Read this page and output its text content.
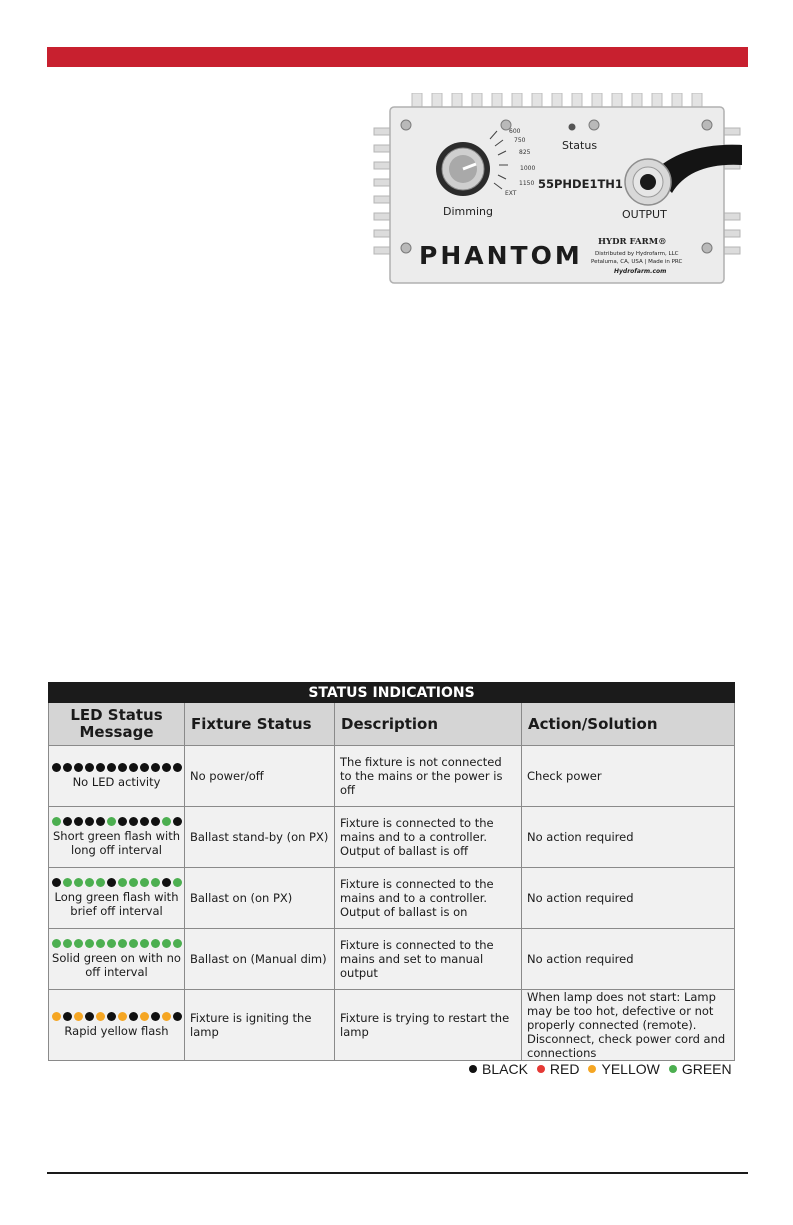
600
750
825
1000
1150
EXT
Status
55PHDE1TH1
Dimming	OUTPUT
PHANTOM HYDR FARM®
Distributed by Hydrofarm, LLC
Petaluma, CA, USA | Made in PRC
Hydrofarm.com
STATUS INDICATIONS			
LED Status Message	Fixture Status	Description	Action/Solution

No LED activity	No power/off	The fixture is not connected to the mains or the power is off	Check power

Short green flash with long off interval	Ballast stand-by (on PX)	Fixture is connected to the mains and to a controller. Output of ballast is off	No action required

Long green flash with brief off interval	Ballast on (on PX)	Fixture is connected to the mains and to a controller. Output of ballast is on	No action required

Solid green on with no off interval	Ballast on (Manual dim)	Fixture is connected to the mains and set to manual output	No action required

Rapid yellow flash	Fixture is igniting the lamp	Fixture is trying to restart the lamp	When lamp does not start: Lamp may be too hot, defective or not properly connected (remote). Disconnect, check power cord and connections
BLACK RED YELLOW GREEN
